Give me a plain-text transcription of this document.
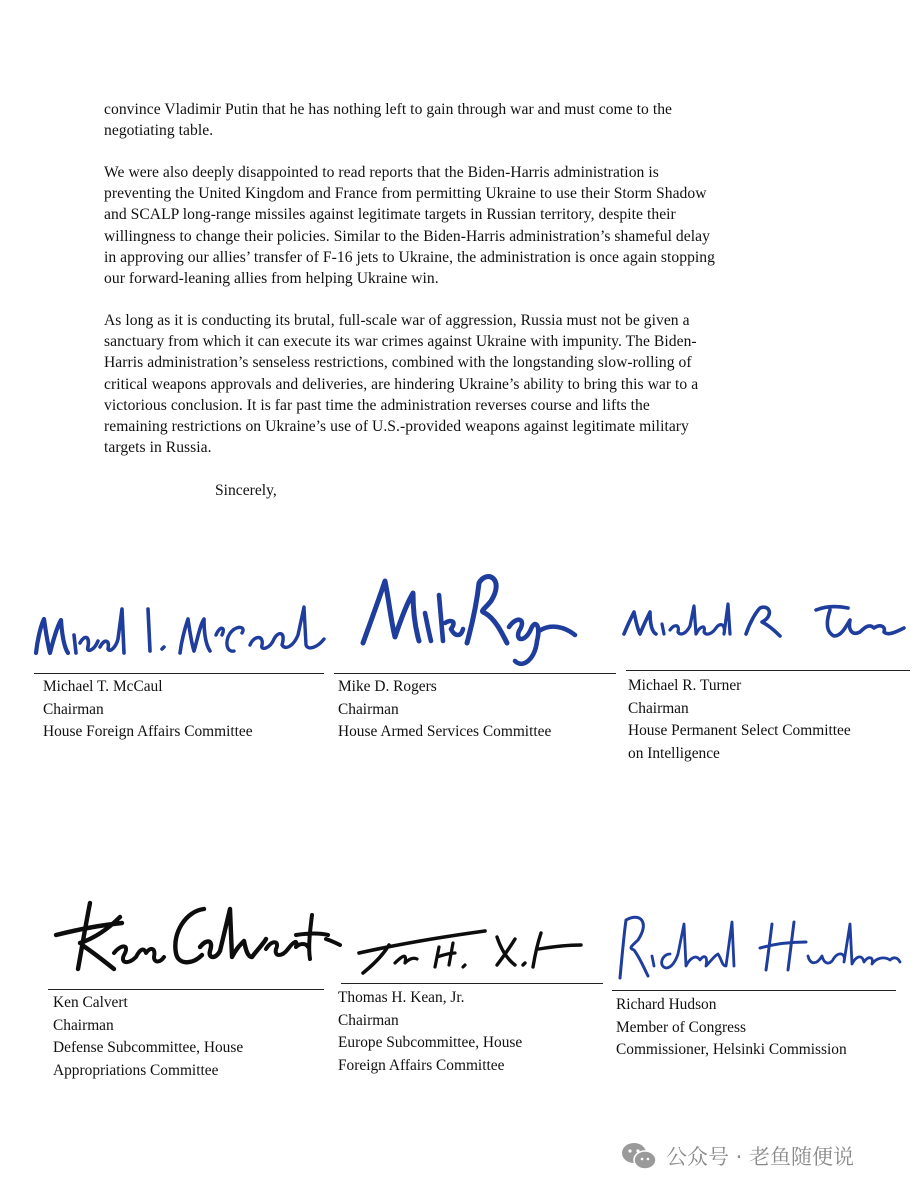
convince Vladimir Putin that he has nothing left to gain through war and must come to the
negotiating table.

We were also deeply disappointed to read reports that the Biden-Harris administration is
preventing the United Kingdom and France from permitting Ukraine to use their Storm Shadow
and SCALP long-range missiles against legitimate targets in Russian territory, despite their
willingness to change their policies. Similar to the Biden-Harris administration’s shameful delay
in approving our allies’ transfer of F-16 jets to Ukraine, the administration is once again stopping
our forward-leaning allies from helping Ukraine win.

As long as it is conducting its brutal, full-scale war of aggression, Russia must not be given a
sanctuary from which it can execute its war crimes against Ukraine with impunity. The Biden-
Harris administration’s senseless restrictions, combined with the longstanding slow-rolling of
critical weapons approvals and deliveries, are hindering Ukraine’s ability to bring this war to a
victorious conclusion. It is far past time the administration reverses course and lifts the
remaining restrictions on Ukraine’s use of U.S.-provided weapons against legitimate military
targets in Russia.

Sincerely,
Michael T. McCaul
Chairman
House Foreign Affairs Committee
Mike D. Rogers
Chairman
House Armed Services Committee
Michael R. Turner
Chairman
House Permanent Select Committee
on Intelligence
Ken Calvert
Chairman
Defense Subcommittee, House
Appropriations Committee
Thomas H. Kean, Jr.
Chairman
Europe Subcommittee, House
Foreign Affairs Committee
Richard Hudson
Member of Congress
Commissioner, Helsinki Commission
公众号 · 老鱼随便说
